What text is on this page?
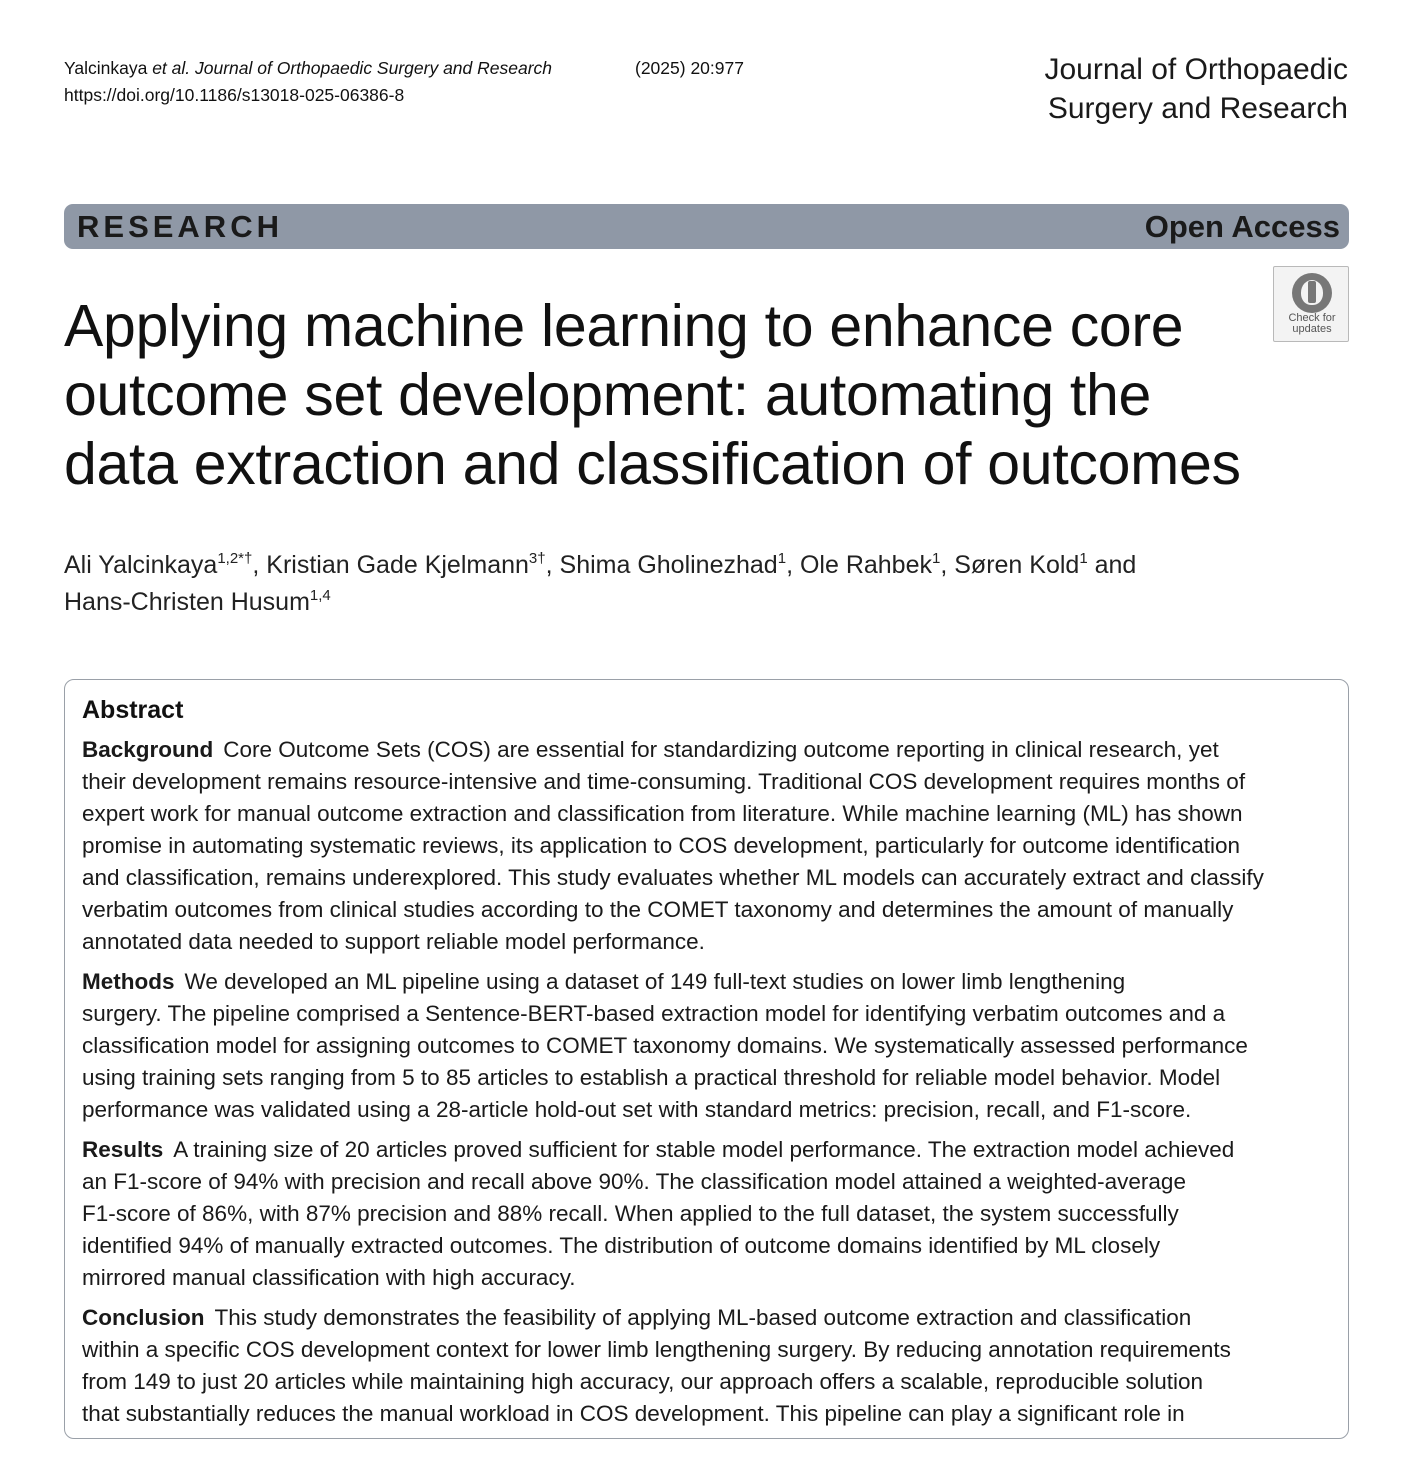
Yalcinkaya et al. Journal of Orthopaedic Surgery and Research	(2025) 20:977
https://doi.org/10.1186/s13018-025-06386-8
Journal of Orthopaedic
Surgery and Research
RESEARCH	Open Access
Check for
updates
Applying machine learning to enhance core
outcome set development: automating the
data extraction and classification of outcomes
Ali Yalcinkaya$^{1,2*\dagger}$, Kristian Gade Kjelmann$^{3\dagger}$, Shima Gholinezhad$^1$, Ole Rahbek$^1$, Søren Kold$^1$ and
Hans-Christen Husum$^{1,4}$
Abstract
Background Core Outcome Sets (COS) are essential for standardizing outcome reporting in clinical research, yet
their development remains resource-intensive and time-consuming. Traditional COS development requires months of
expert work for manual outcome extraction and classification from literature. While machine learning (ML) has shown
promise in automating systematic reviews, its application to COS development, particularly for outcome identification
and classification, remains underexplored. This study evaluates whether ML models can accurately extract and classify
verbatim outcomes from clinical studies according to the COMET taxonomy and determines the amount of manually
annotated data needed to support reliable model performance.
Methods We developed an ML pipeline using a dataset of 149 full-text studies on lower limb lengthening
surgery. The pipeline comprised a Sentence-BERT-based extraction model for identifying verbatim outcomes and a
classification model for assigning outcomes to COMET taxonomy domains. We systematically assessed performance
using training sets ranging from 5 to 85 articles to establish a practical threshold for reliable model behavior. Model
performance was validated using a 28-article hold-out set with standard metrics: precision, recall, and F1-score.
Results A training size of 20 articles proved sufficient for stable model performance. The extraction model achieved
an F1-score of 94% with precision and recall above 90%. The classification model attained a weighted-average
F1-score of 86%, with 87% precision and 88% recall. When applied to the full dataset, the system successfully
identified 94% of manually extracted outcomes. The distribution of outcome domains identified by ML closely
mirrored manual classification with high accuracy.
Conclusion This study demonstrates the feasibility of applying ML-based outcome extraction and classification
within a specific COS development context for lower limb lengthening surgery. By reducing annotation requirements
from 149 to just 20 articles while maintaining high accuracy, our approach offers a scalable, reproducible solution
that substantially reduces the manual workload in COS development. This pipeline can play a significant role in
